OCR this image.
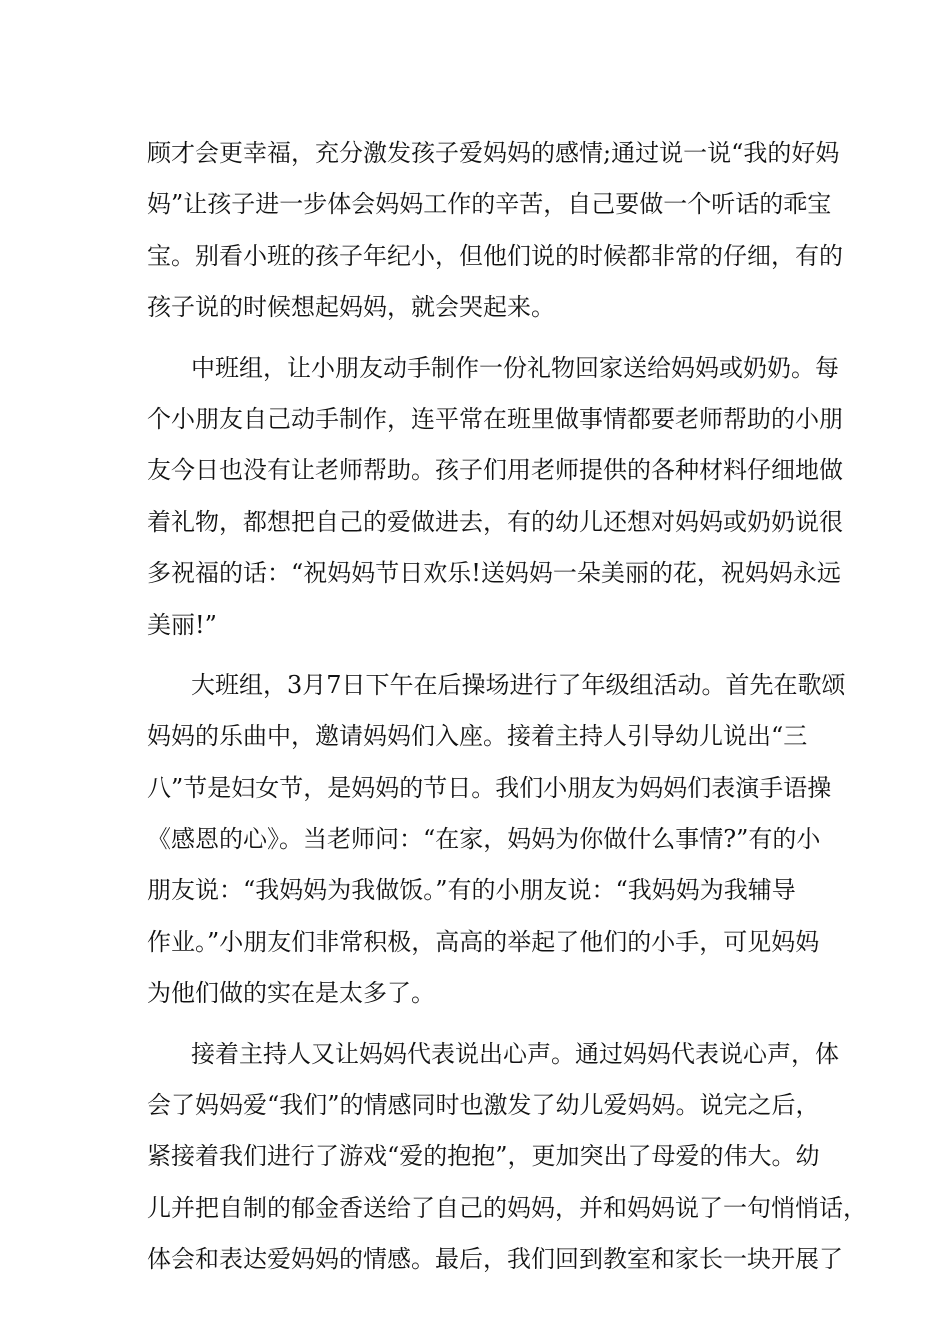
顾才会更幸福，充分激发孩子爱妈妈的感情;通过说一说“我的好妈
妈”让孩子进一步体会妈妈工作的辛苦，自己要做一个听话的乖宝
宝。别看小班的孩子年纪小，但他们说的时候都非常的仔细，有的
孩子说的时候想起妈妈，就会哭起来。
中班组，让小朋友动手制作一份礼物回家送给妈妈或奶奶。每
个小朋友自己动手制作，连平常在班里做事情都要老师帮助的小朋
友今日也没有让老师帮助。孩子们用老师提供的各种材料仔细地做
着礼物，都想把自己的爱做进去，有的幼儿还想对妈妈或奶奶说很
多祝福的话：“祝妈妈节日欢乐!送妈妈一朵美丽的花，祝妈妈永远
美丽!”
大班组，3月7日下午在后操场进行了年级组活动。首先在歌颂
妈妈的乐曲中，邀请妈妈们入座。接着主持人引导幼儿说出“三
八”节是妇女节，是妈妈的节日。我们小朋友为妈妈们表演手语操
《感恩的心》。当老师问：“在家，妈妈为你做什么事情?”有的小
朋友说：“我妈妈为我做饭。”有的小朋友说：“我妈妈为我辅导
作业。”小朋友们非常积极，高高的举起了他们的小手，可见妈妈
为他们做的实在是太多了。
接着主持人又让妈妈代表说出心声。通过妈妈代表说心声，体
会了妈妈爱“我们”的情感同时也激发了幼儿爱妈妈。说完之后，
紧接着我们进行了游戏“爱的抱抱”，更加突出了母爱的伟大。幼
儿并把自制的郁金香送给了自己的妈妈，并和妈妈说了一句悄悄话，
体会和表达爱妈妈的情感。最后，我们回到教室和家长一块开展了
